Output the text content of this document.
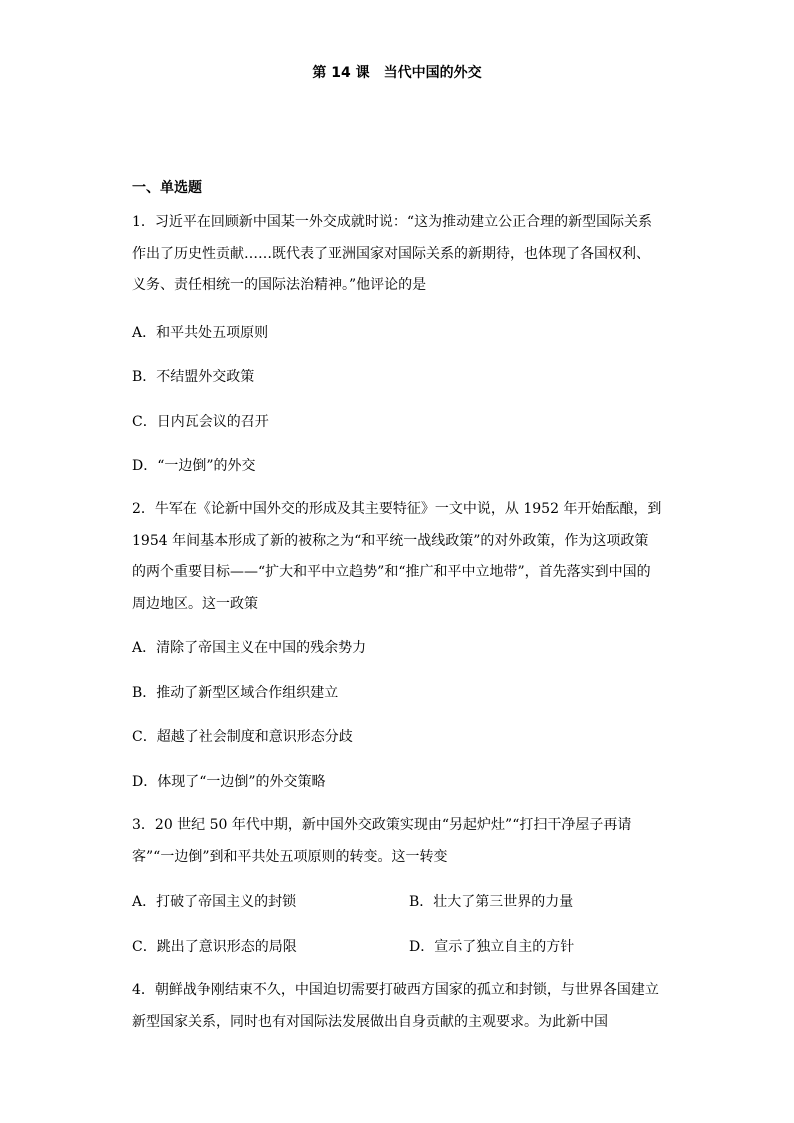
第 14 课　当代中国的外交
一、单选题

1．习近平在回顾新中国某一外交成就时说：“这为推动建立公正合理的新型国际关系作出了历史性贡献……既代表了亚洲国家对国际关系的新期待，也体现了各国权利、义务、责任相统一的国际法治精神。”他评论的是

A．和平共处五项原则
B．不结盟外交政策
C．日内瓦会议的召开
D．“一边倒”的外交

2．牛军在《论新中国外交的形成及其主要特征》一文中说，从 1952 年开始酝酿，到 1954 年间基本形成了新的被称之为“和平统一战线政策”的对外政策，作为这项政策的两个重要目标——“扩大和平中立趋势”和“推广和平中立地带”，首先落实到中国的周边地区。这一政策

A．清除了帝国主义在中国的残余势力
B．推动了新型区域合作组织建立
C．超越了社会制度和意识形态分歧
D．体现了“一边倒”的外交策略

3．20 世纪 50 年代中期，新中国外交政策实现由“另起炉灶”“打扫干净屋子再请客”“一边倒”到和平共处五项原则的转变。这一转变

A．打破了帝国主义的封锁	B．壮大了第三世界的力量
C．跳出了意识形态的局限	D．宣示了独立自主的方针

4．朝鲜战争刚结束不久，中国迫切需要打破西方国家的孤立和封锁，与世界各国建立新型国家关系，同时也有对国际法发展做出自身贡献的主观要求。为此新中国
